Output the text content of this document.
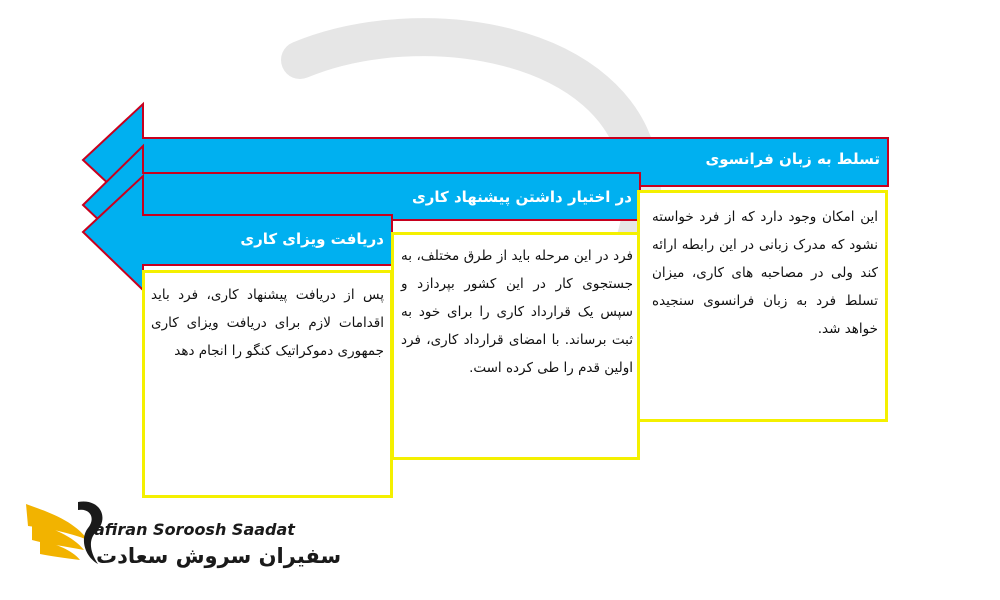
تسلط به زبان فرانسوی
در اختیار داشتن پیشنهاد کاری
دریافت ویزای کاری

این امکان وجود دارد که از فرد خواسته نشود که مدرک زبانی در این رابطه ارائه کند ولی در مصاحبه های کاری، میزان تسلط فرد به زبان فرانسوی سنجیده خواهد شد.

فرد در این مرحله باید از طرق مختلف، به جستجوی کار در این کشور بپردازد و سپس یک قرارداد کاری را برای خود به ثبت برساند. با امضای قرارداد کاری، فرد اولین قدم را طی کرده است.

پس از دریافت پیشنهاد کاری، فرد باید اقدامات لازم برای دریافت ویزای کاری جمهوری دموکراتیک کنگو را انجام دهد

afiran Soroosh Saadat
سفیران سروش سعادت
